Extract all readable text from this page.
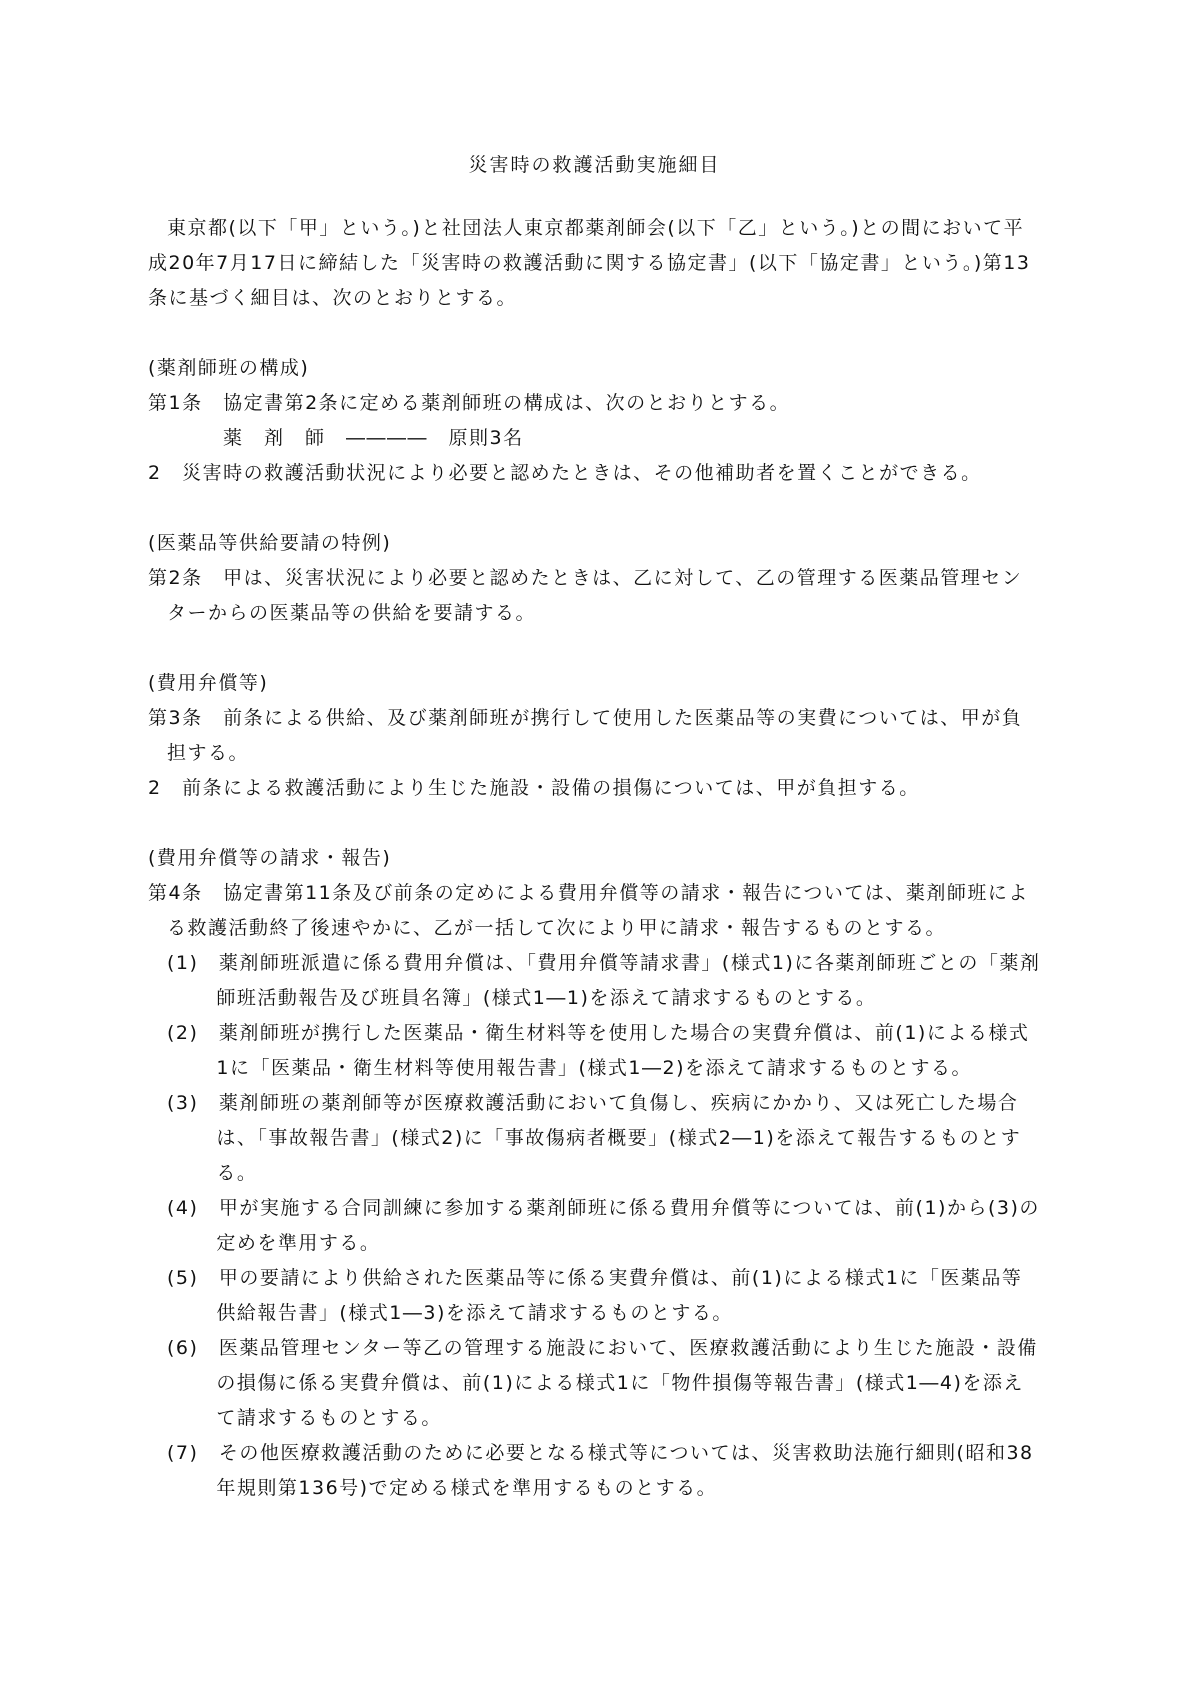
災害時の救護活動実施細目

東京都(以下「甲」という。)と社団法人東京都薬剤師会(以下「乙」という。)との間において平成20年7月17日に締結した「災害時の救護活動に関する協定書」(以下「協定書」という。)第13条に基づく細目は、次のとおりとする。

(薬剤師班の構成)

第1条　協定書第2条に定める薬剤師班の構成は、次のとおりとする。

薬　剤　師　――――　原則3名

2　災害時の救護活動状況により必要と認めたときは、その他補助者を置くことができる。

(医薬品等供給要請の特例)

第2条　甲は、災害状況により必要と認めたときは、乙に対して、乙の管理する医薬品管理センターからの医薬品等の供給を要請する。

(費用弁償等)

第3条　前条による供給、及び薬剤師班が携行して使用した医薬品等の実費については、甲が負担する。

2　前条による救護活動により生じた施設・設備の損傷については、甲が負担する。

(費用弁償等の請求・報告)

第4条　協定書第11条及び前条の定めによる費用弁償等の請求・報告については、薬剤師班による救護活動終了後速やかに、乙が一括して次により甲に請求・報告するものとする。

(1)　薬剤師班派遣に係る費用弁償は、「費用弁償等請求書」(様式1)に各薬剤師班ごとの「薬剤師班活動報告及び班員名簿」(様式1―1)を添えて請求するものとする。

(2)　薬剤師班が携行した医薬品・衛生材料等を使用した場合の実費弁償は、前(1)による様式1に「医薬品・衛生材料等使用報告書」(様式1―2)を添えて請求するものとする。

(3)　薬剤師班の薬剤師等が医療救護活動において負傷し、疾病にかかり、又は死亡した場合は、「事故報告書」(様式2)に「事故傷病者概要」(様式2―1)を添えて報告するものとする。

(4)　甲が実施する合同訓練に参加する薬剤師班に係る費用弁償等については、前(1)から(3)の定めを準用する。

(5)　甲の要請により供給された医薬品等に係る実費弁償は、前(1)による様式1に「医薬品等供給報告書」(様式1―3)を添えて請求するものとする。

(6)　医薬品管理センター等乙の管理する施設において、医療救護活動により生じた施設・設備の損傷に係る実費弁償は、前(1)による様式1に「物件損傷等報告書」(様式1―4)を添えて請求するものとする。

(7)　その他医療救護活動のために必要となる様式等については、災害救助法施行細則(昭和38年規則第136号)で定める様式を準用するものとする。
